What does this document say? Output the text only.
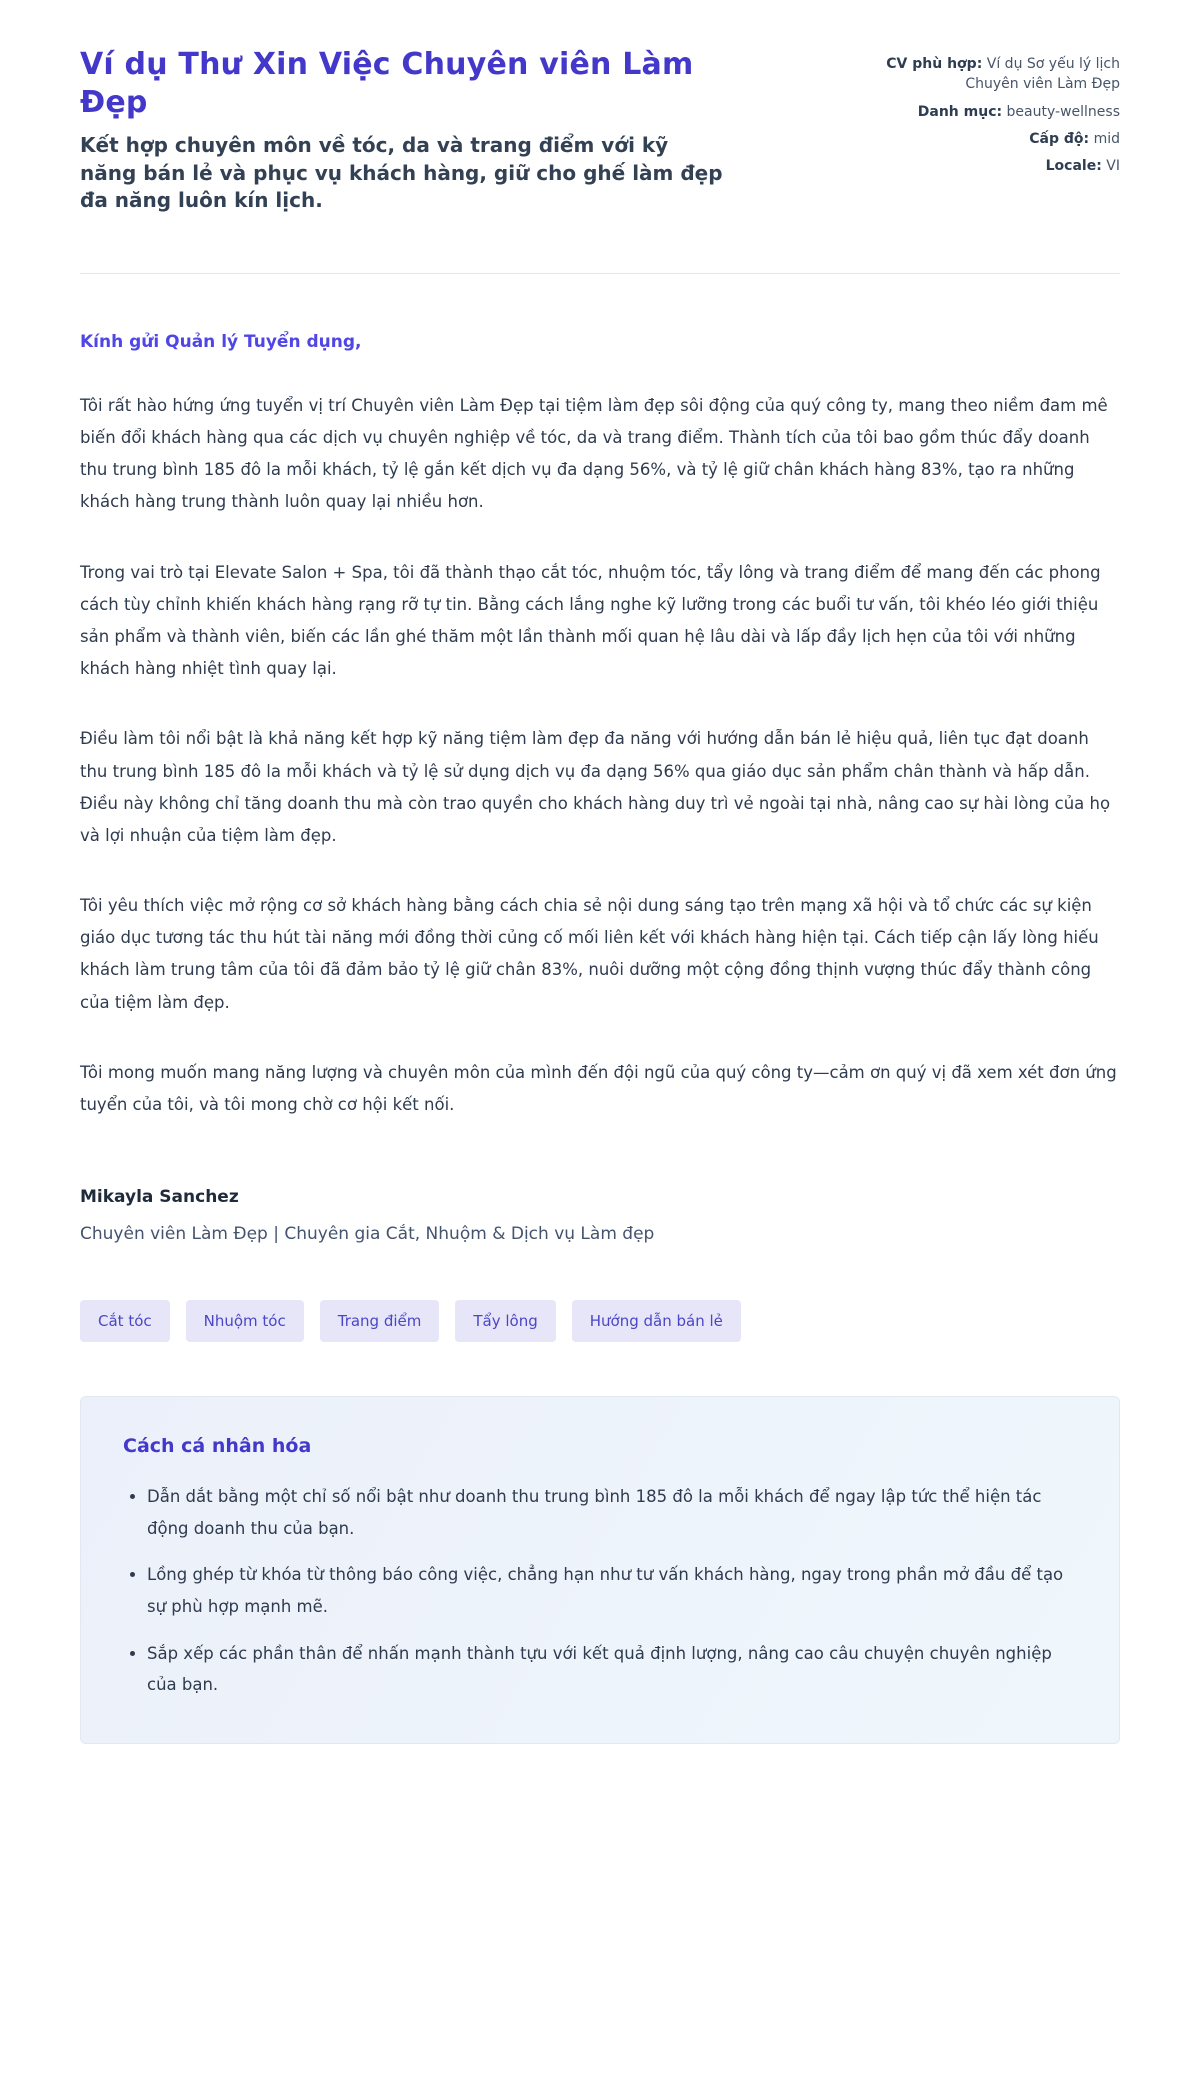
Ví dụ Thư Xin Việc Chuyên viên Làm Đẹp

Kết hợp chuyên môn về tóc, da và trang điểm với kỹ năng bán lẻ và phục vụ khách hàng, giữ cho ghế làm đẹp đa năng luôn kín lịch.

CV phù hợp: Ví dụ Sơ yếu lý lịch Chuyên viên Làm Đẹp
Danh mục: beauty-wellness
Cấp độ: mid
Locale: VI

Kính gửi Quản lý Tuyển dụng,

Tôi rất hào hứng ứng tuyển vị trí Chuyên viên Làm Đẹp tại tiệm làm đẹp sôi động của quý công ty, mang theo niềm đam mê biến đổi khách hàng qua các dịch vụ chuyên nghiệp về tóc, da và trang điểm. Thành tích của tôi bao gồm thúc đẩy doanh thu trung bình 185 đô la mỗi khách, tỷ lệ gắn kết dịch vụ đa dạng 56%, và tỷ lệ giữ chân khách hàng 83%, tạo ra những khách hàng trung thành luôn quay lại nhiều hơn.

Trong vai trò tại Elevate Salon + Spa, tôi đã thành thạo cắt tóc, nhuộm tóc, tẩy lông và trang điểm để mang đến các phong cách tùy chỉnh khiến khách hàng rạng rỡ tự tin. Bằng cách lắng nghe kỹ lưỡng trong các buổi tư vấn, tôi khéo léo giới thiệu sản phẩm và thành viên, biến các lần ghé thăm một lần thành mối quan hệ lâu dài và lấp đầy lịch hẹn của tôi với những khách hàng nhiệt tình quay lại.

Điều làm tôi nổi bật là khả năng kết hợp kỹ năng tiệm làm đẹp đa năng với hướng dẫn bán lẻ hiệu quả, liên tục đạt doanh thu trung bình 185 đô la mỗi khách và tỷ lệ sử dụng dịch vụ đa dạng 56% qua giáo dục sản phẩm chân thành và hấp dẫn. Điều này không chỉ tăng doanh thu mà còn trao quyền cho khách hàng duy trì vẻ ngoài tại nhà, nâng cao sự hài lòng của họ và lợi nhuận của tiệm làm đẹp.

Tôi yêu thích việc mở rộng cơ sở khách hàng bằng cách chia sẻ nội dung sáng tạo trên mạng xã hội và tổ chức các sự kiện giáo dục tương tác thu hút tài năng mới đồng thời củng cố mối liên kết với khách hàng hiện tại. Cách tiếp cận lấy lòng hiếu khách làm trung tâm của tôi đã đảm bảo tỷ lệ giữ chân 83%, nuôi dưỡng một cộng đồng thịnh vượng thúc đẩy thành công của tiệm làm đẹp.

Tôi mong muốn mang năng lượng và chuyên môn của mình đến đội ngũ của quý công ty—cảm ơn quý vị đã xem xét đơn ứng tuyển của tôi, và tôi mong chờ cơ hội kết nối.

Mikayla Sanchez

Chuyên viên Làm Đẹp | Chuyên gia Cắt, Nhuộm & Dịch vụ Làm đẹp

Cắt tóc	Nhuộm tóc	Trang điểm	Tẩy lông	Hướng dẫn bán lẻ
Cách cá nhân hóa
• Dẫn dắt bằng một chỉ số nổi bật như doanh thu trung bình 185 đô la mỗi khách để ngay lập tức thể hiện tác động doanh thu của bạn.
• Lồng ghép từ khóa từ thông báo công việc, chẳng hạn như tư vấn khách hàng, ngay trong phần mở đầu để tạo sự phù hợp mạnh mẽ.
• Sắp xếp các phần thân để nhấn mạnh thành tựu với kết quả định lượng, nâng cao câu chuyện chuyên nghiệp của bạn.
